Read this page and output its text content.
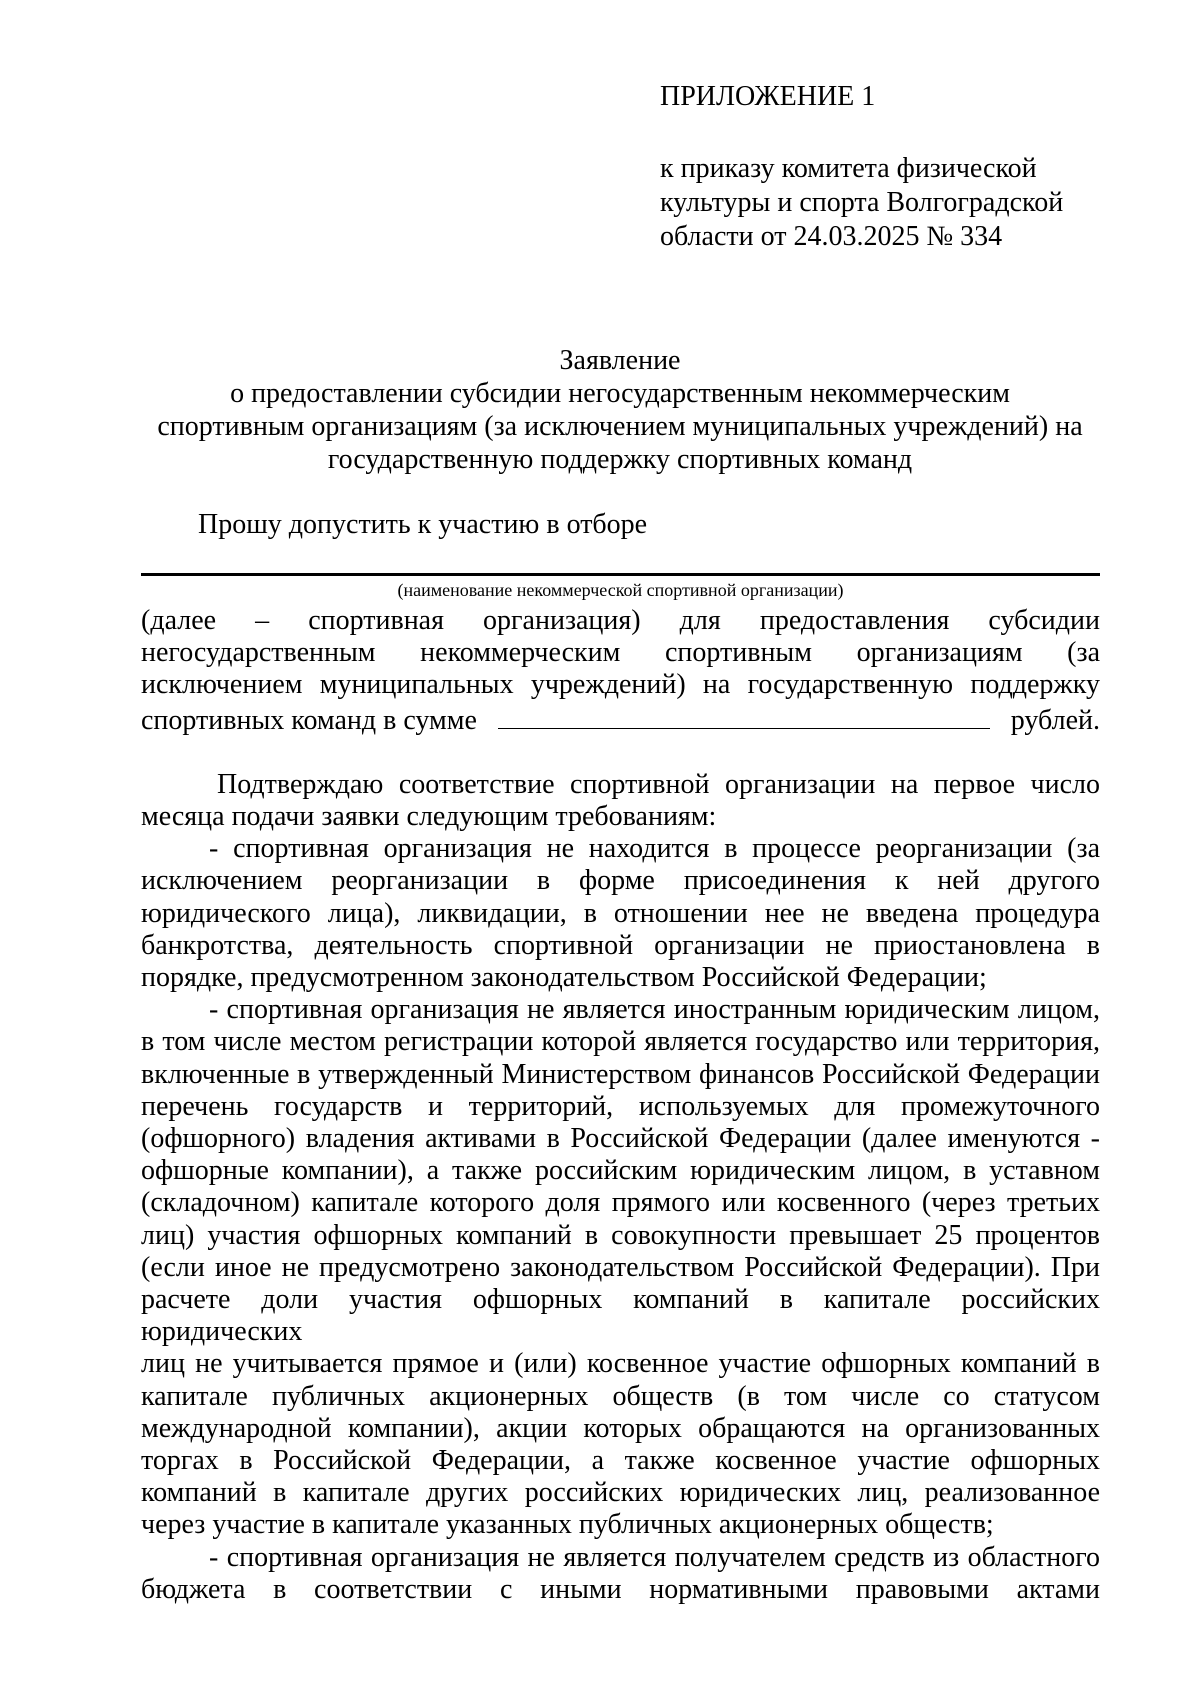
ПРИЛОЖЕНИЕ 1

к приказу комитета физической

культуры и спорта Волгоградской

области от 24.03.2025 № 334

Заявление

о предоставлении субсидии негосударственным некоммерческим

спортивным организациям (за исключением муниципальных учреждений) на

государственную поддержку спортивных команд

Прошу допустить к участию в отборе

(наименование некоммерческой спортивной организации)

(далее – спортивная организация) для предоставления субсидии

негосударственным некоммерческим спортивным организациям (за

исключением муниципальных учреждений) на государственную поддержку

спортивных команд в сумме	рублей.

Подтверждаю соответствие спортивной организации на первое число

месяца подачи заявки следующим требованиям:

- спортивная организация не находится в процессе реорганизации (за

исключением реорганизации в форме присоединения к ней другого

юридического лица), ликвидации, в отношении нее не введена процедура

банкротства, деятельность спортивной организации не приостановлена в

порядке, предусмотренном законодательством Российской Федерации;

- спортивная организация не является иностранным юридическим лицом,

в том числе местом регистрации которой является государство или территория,

включенные в утвержденный Министерством финансов Российской Федерации

перечень государств и территорий, используемых для промежуточного

(офшорного) владения активами в Российской Федерации (далее именуются -

офшорные компании), а также российским юридическим лицом, в уставном

(складочном) капитале которого доля прямого или косвенного (через третьих

лиц) участия офшорных компаний в совокупности превышает 25 процентов

(если иное не предусмотрено законодательством Российской Федерации). При

расчете доли участия офшорных компаний в капитале российских юридических

лиц не учитывается прямое и (или) косвенное участие офшорных компаний в

капитале публичных акционерных обществ (в том числе со статусом

международной компании), акции которых обращаются на организованных

торгах в Российской Федерации, а также косвенное участие офшорных

компаний в капитале других российских юридических лиц, реализованное

через участие в капитале указанных публичных акционерных обществ;

- спортивная организация не является получателем средств из областного

бюджета в соответствии с иными нормативными правовыми актами
